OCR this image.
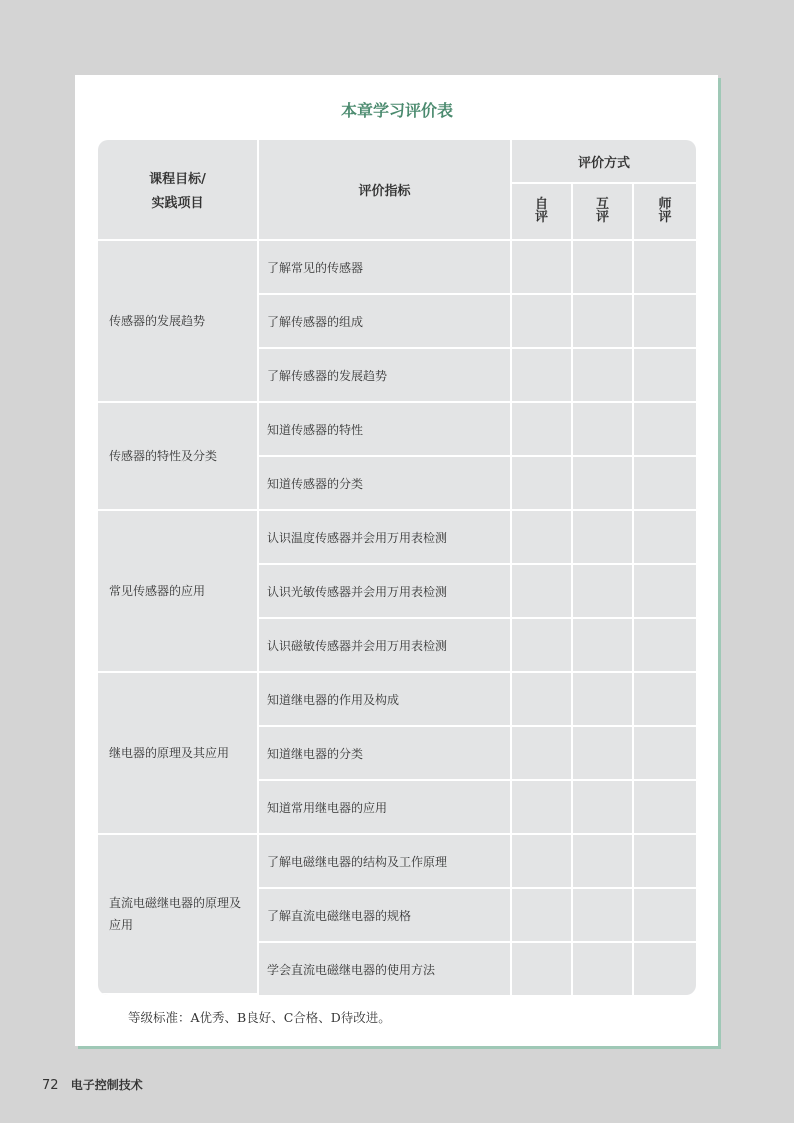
本章学习评价表
课程目标/
实践项目	评价指标	评价方式		
		自评	互评	师评
传感器的发展趋势	了解常见的传感器			
	了解传感器的组成			
	了解传感器的发展趋势			
传感器的特性及分类	知道传感器的特性			
	知道传感器的分类			
常见传感器的应用	认识温度传感器并会用万用表检测			
	认识光敏传感器并会用万用表检测			
	认识磁敏传感器并会用万用表检测			
继电器的原理及其应用	知道继电器的作用及构成			
	知道继电器的分类			
	知道常用继电器的应用			
直流电磁继电器的原理及应用	了解电磁继电器的结构及工作原理			
	了解直流电磁继电器的规格			
	学会直流电磁继电器的使用方法			

等级标准：A优秀、B良好、C合格、D待改进。

72 电子控制技术
